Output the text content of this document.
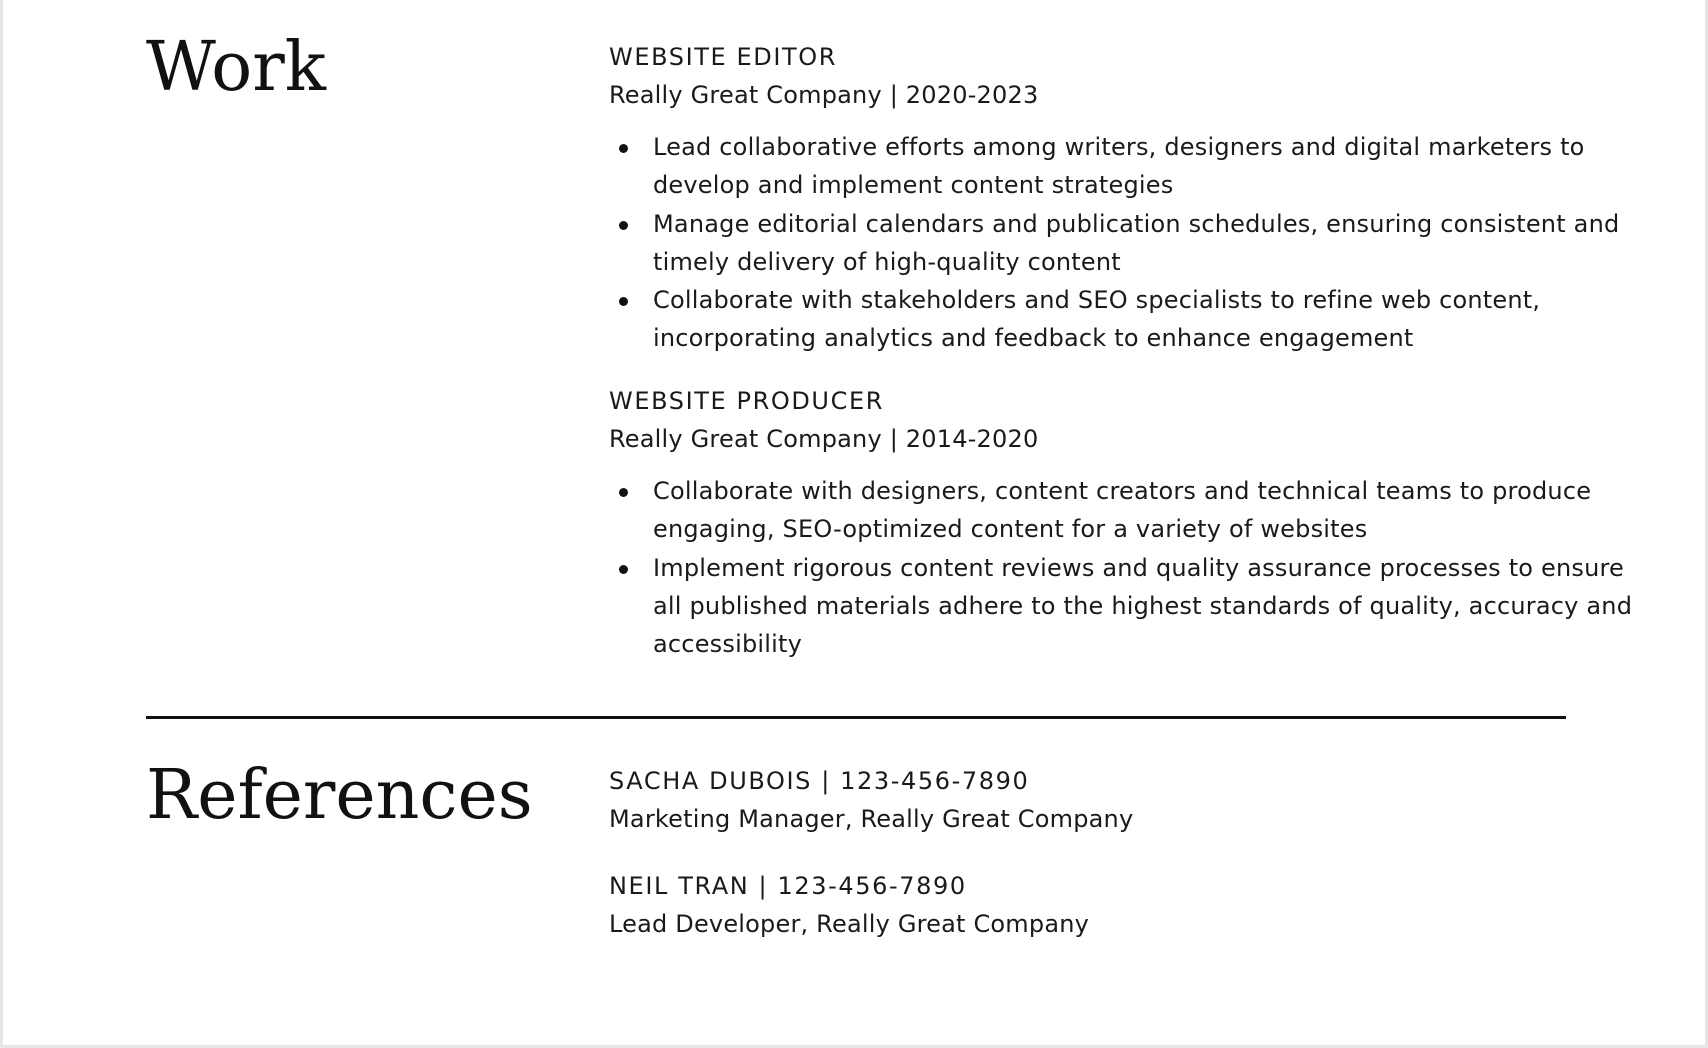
Work	WEBSITE EDITOR

Really Great Company | 2020-2023

Lead collaborative efforts among writers, designers and digital marketers to develop and implement content strategies
Manage editorial calendars and publication schedules, ensuring consistent and timely delivery of high-quality content
Collaborate with stakeholders and SEO specialists to refine web content, incorporating analytics and feedback to enhance engagement

WEBSITE PRODUCER

Really Great Company | 2014-2020

Collaborate with designers, content creators and technical teams to produce engaging, SEO-optimized content for a variety of websites
Implement rigorous content reviews and quality assurance processes to ensure all published materials adhere to the highest standards of quality, accuracy and accessibility
References	SACHA DUBOIS | 123-456-7890

Marketing Manager, Really Great Company

NEIL TRAN | 123-456-7890

Lead Developer, Really Great Company
